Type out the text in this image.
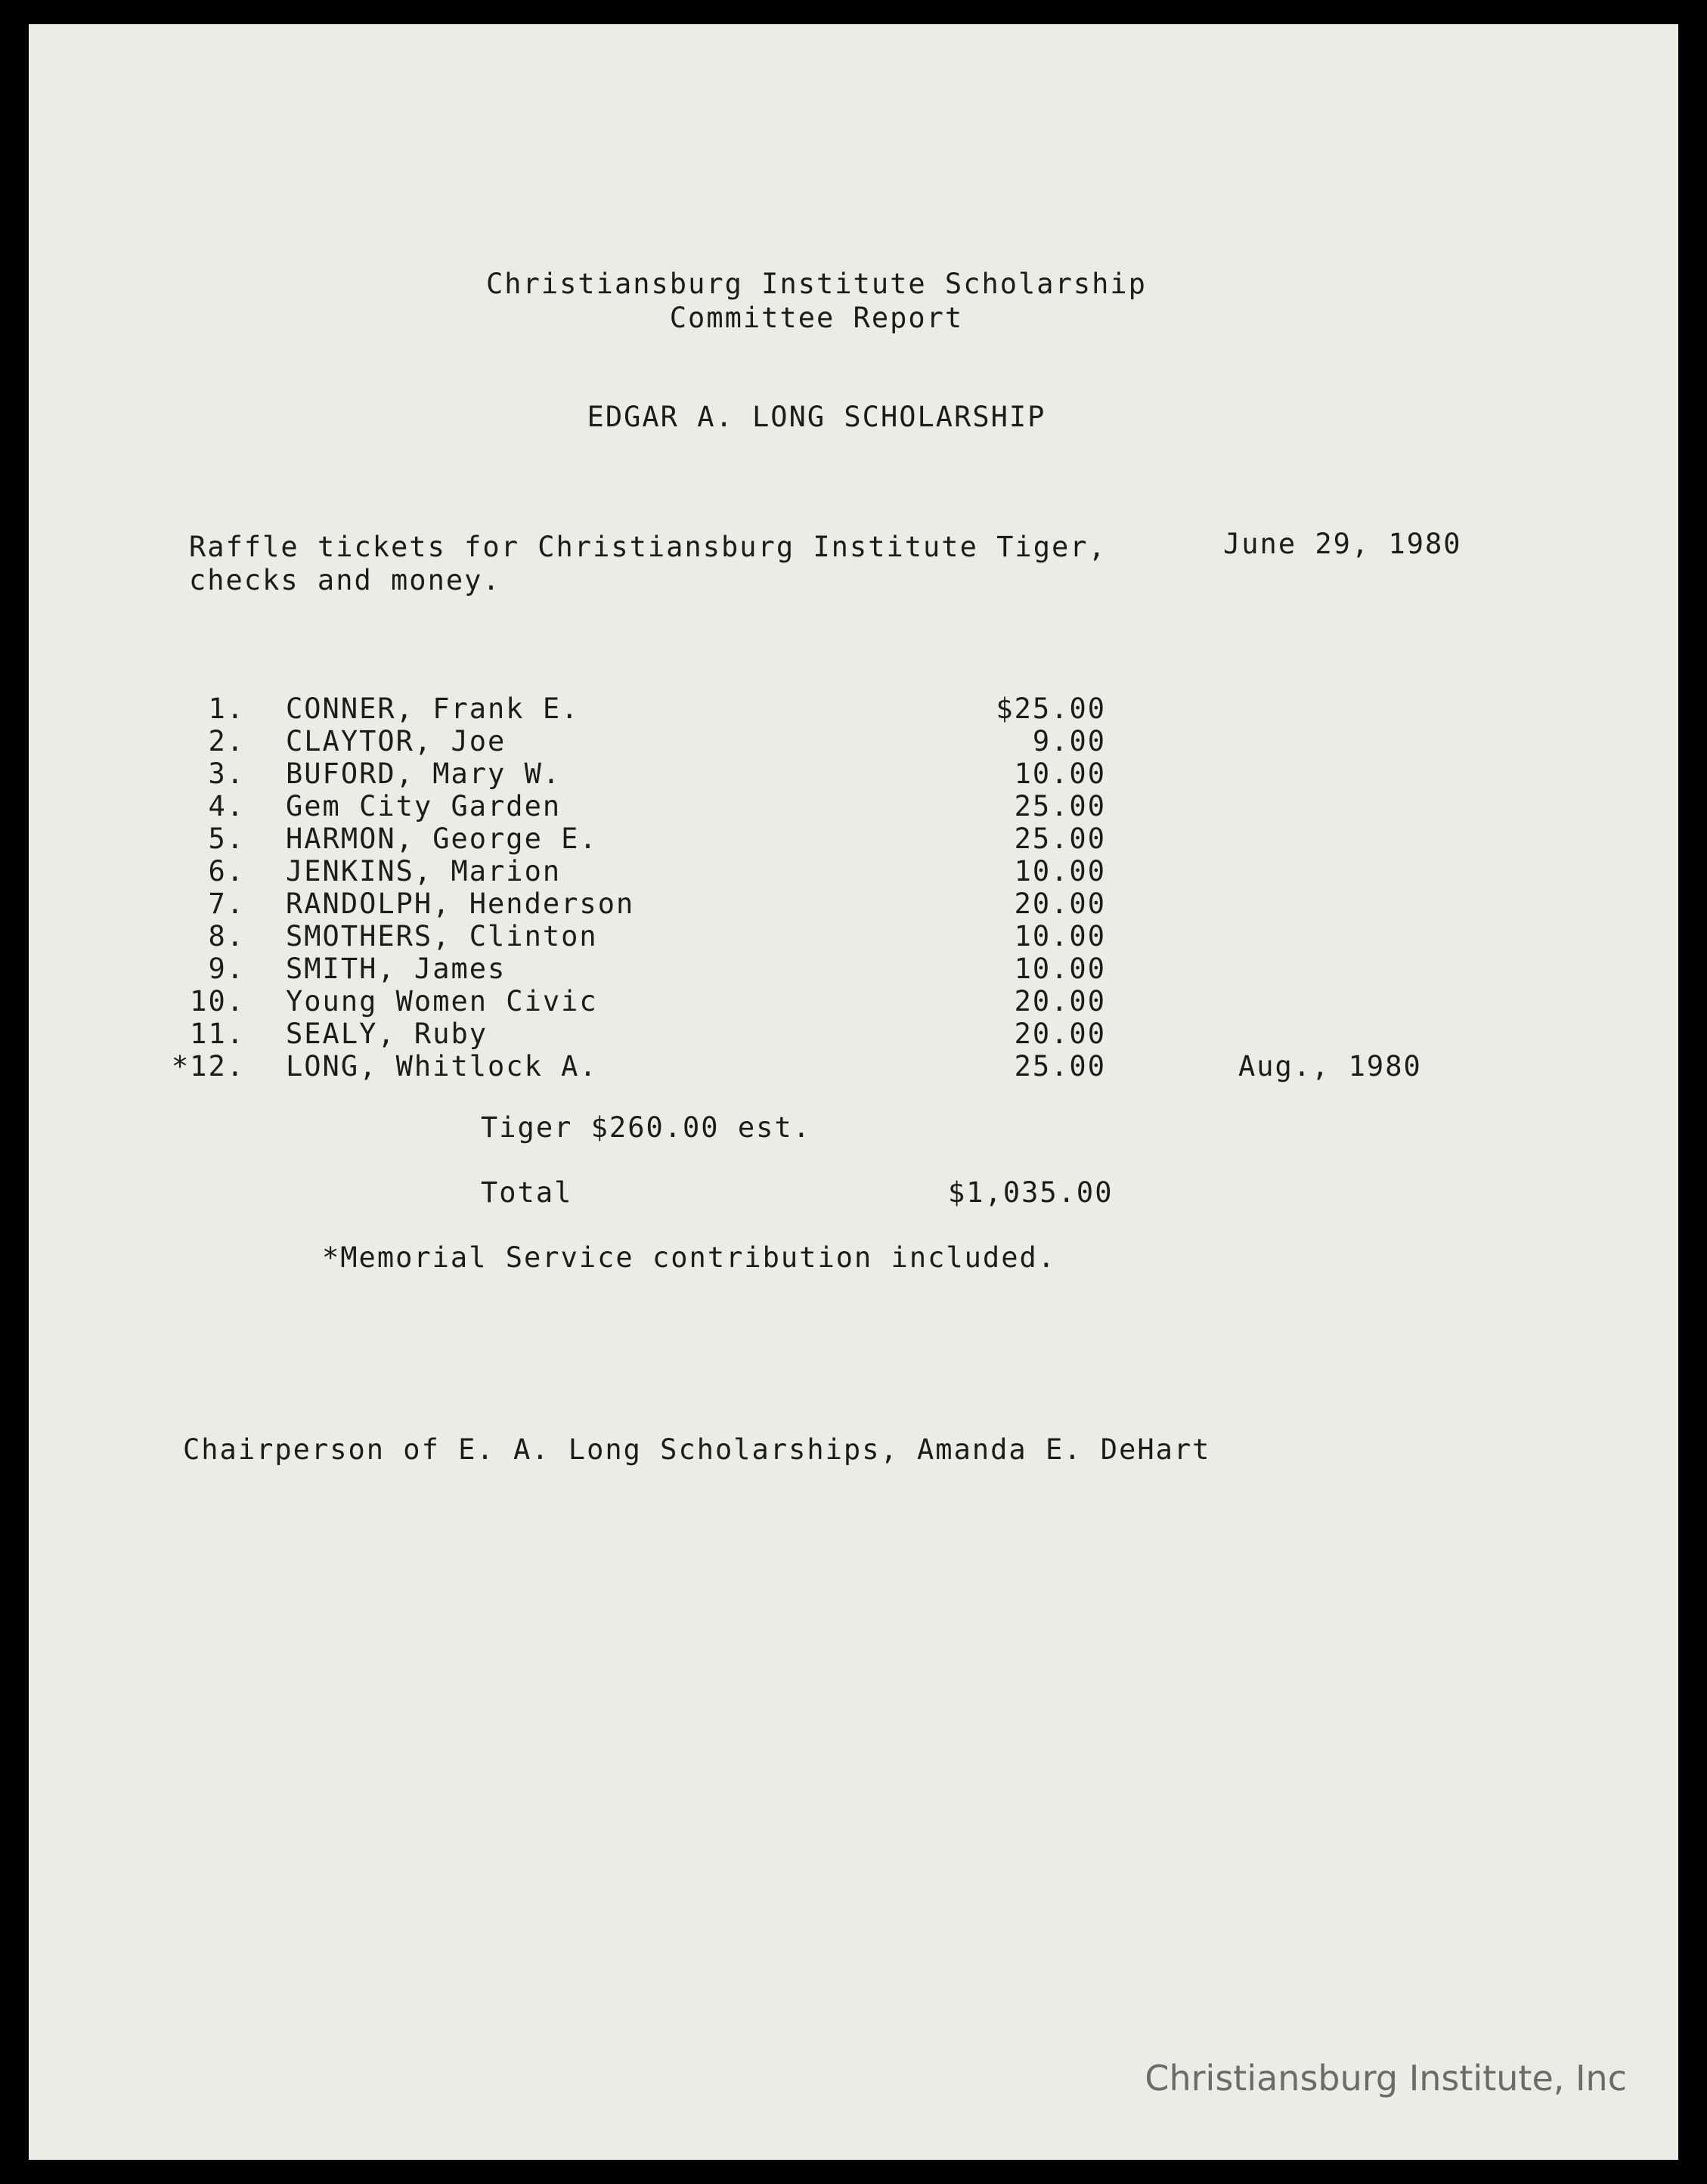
Christiansburg Institute Scholarship
Committee Report
EDGAR A. LONG SCHOLARSHIP
Raffle tickets for Christiansburg Institute Tiger,	June 29, 1980
checks and money.
1. CONNER, Frank E.	$25.00
2. CLAYTOR, Joe	9.00
3. BUFORD, Mary W.	10.00
4. Gem City Garden	25.00
5. HARMON, George E.	25.00
6. JENKINS, Marion	10.00
7. RANDOLPH, Henderson	20.00
8. SMOTHERS, Clinton	10.00
9. SMITH, James	10.00
10. Young Women Civic	20.00
11. SEALY, Ruby	20.00
*12. LONG, Whitlock A.	25.00	Aug., 1980
Tiger $260.00 est.
Total	$1,035.00
*Memorial Service contribution included.
Chairperson of E. A. Long Scholarships, Amanda E. DeHart
Christiansburg Institute, Inc
